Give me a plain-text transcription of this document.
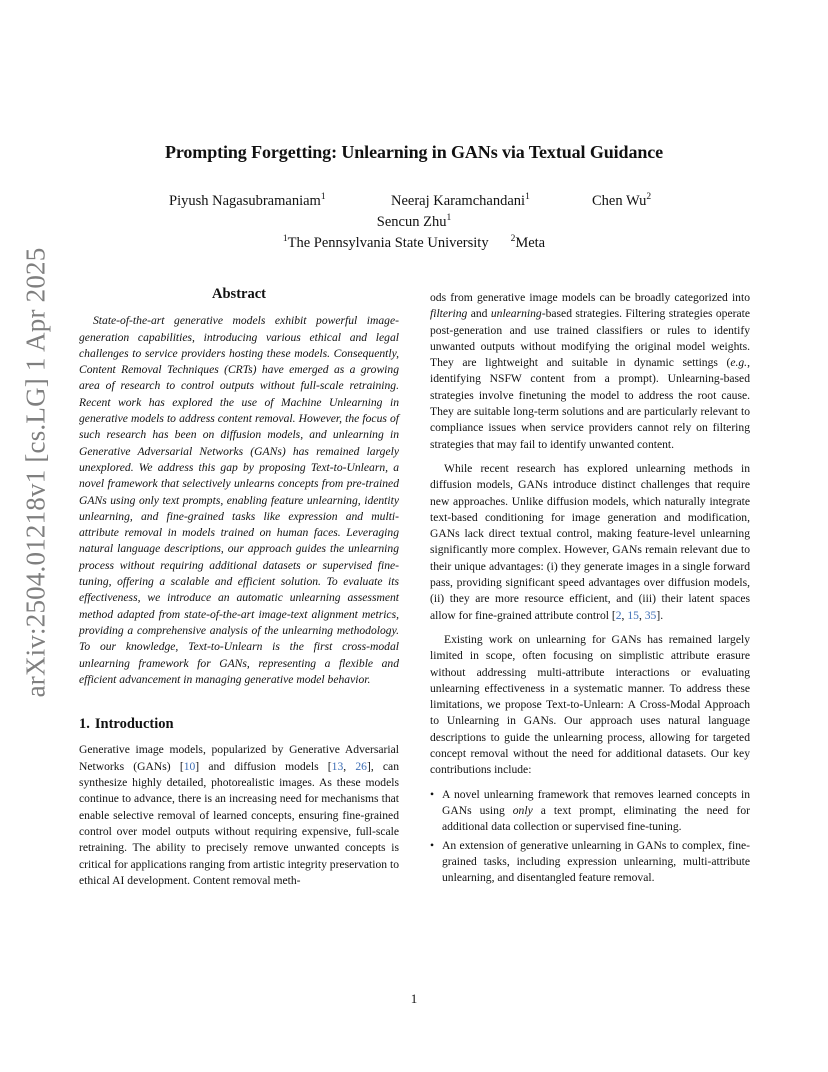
Prompting Forgetting: Unlearning in GANs via Textual Guidance
Piyush Nagasubramaniam$^1$	Neeraj Karamchandani$^1$	Chen Wu$^2$
Sencun Zhu$^1$
$^1$The Pennsylvania State University $^2$Meta
arXiv:2504.01218v1 [cs.LG] 1 Apr 2025	Abstract

State-of-the-art generative models exhibit powerful image-generation capabilities, introducing various ethical and legal challenges to service providers hosting these models. Consequently, Content Removal Techniques (CRTs) have emerged as a growing area of research to control outputs without full-scale retraining. Recent work has explored the use of Machine Unlearning in generative models to address content removal. However, the focus of such research has been on diffusion models, and unlearning in Generative Adversarial Networks (GANs) has remained largely unexplored. We address this gap by proposing Text-to-Unlearn, a novel framework that selectively unlearns concepts from pre-trained GANs using only text prompts, enabling feature unlearning, identity unlearning, and fine-grained tasks like expression and multi-attribute removal in models trained on human faces. Leveraging natural language descriptions, our approach guides the unlearning process without requiring additional datasets or supervised fine-tuning, offering a scalable and efficient solution. To evaluate its effectiveness, we introduce an automatic unlearning assessment method adapted from state-of-the-art image-text alignment metrics, providing a comprehensive analysis of the unlearning methodology. To our knowledge, Text-to-Unlearn is the first cross-modal unlearning framework for GANs, representing a flexible and efficient advancement in managing generative model behavior.

1. Introduction

Generative image models, popularized by Generative Adversarial Networks (GANs) [10] and diffusion models [13, 26], can synthesize highly detailed, photorealistic images. As these models continue to advance, there is an increasing need for mechanisms that enable selective removal of learned concepts, ensuring fine-grained control over model outputs without requiring expensive, full-scale retraining. The ability to precisely remove unwanted concepts is critical for applications ranging from artistic integrity preservation to ethical AI development. Content removal meth-

ods from generative image models can be broadly categorized into filtering and unlearning-based strategies. Filtering strategies operate post-generation and use trained classifiers or rules to identify unwanted outputs without modifying the original model weights. They are lightweight and suitable in dynamic settings (e.g., identifying NSFW content from a prompt). Unlearning-based strategies involve finetuning the model to address the root cause. They are suitable long-term solutions and are particularly relevant to compliance issues when service providers cannot rely on filtering strategies that may fail to identify unwanted content.

While recent research has explored unlearning methods in diffusion models, GANs introduce distinct challenges that require new approaches. Unlike diffusion models, which naturally integrate text-based conditioning for image generation and modification, GANs lack direct textual control, making feature-level unlearning significantly more complex. However, GANs remain relevant due to their unique advantages: (i) they generate images in a single forward pass, providing significant speed advantages over diffusion models, (ii) they are more resource efficient, and (iii) their latent spaces allow for fine-grained attribute control [2, 15, 35].

Existing work on unlearning for GANs has remained largely limited in scope, often focusing on simplistic attribute erasure without addressing multi-attribute interactions or evaluating unlearning effectiveness in a systematic manner. To address these limitations, we propose Text-to-Unlearn: A Cross-Modal Approach to Unlearning in GANs. Our approach uses natural language descriptions to guide the unlearning process, allowing for targeted concept removal without the need for additional datasets. Our key contributions include:

• A novel unlearning framework that removes learned concepts in GANs using only a text prompt, eliminating the need for additional data collection or supervised fine-tuning.
• An extension of generative unlearning in GANs to complex, fine-grained tasks, including expression unlearning, multi-attribute unlearning, and disentangled feature removal.
1
